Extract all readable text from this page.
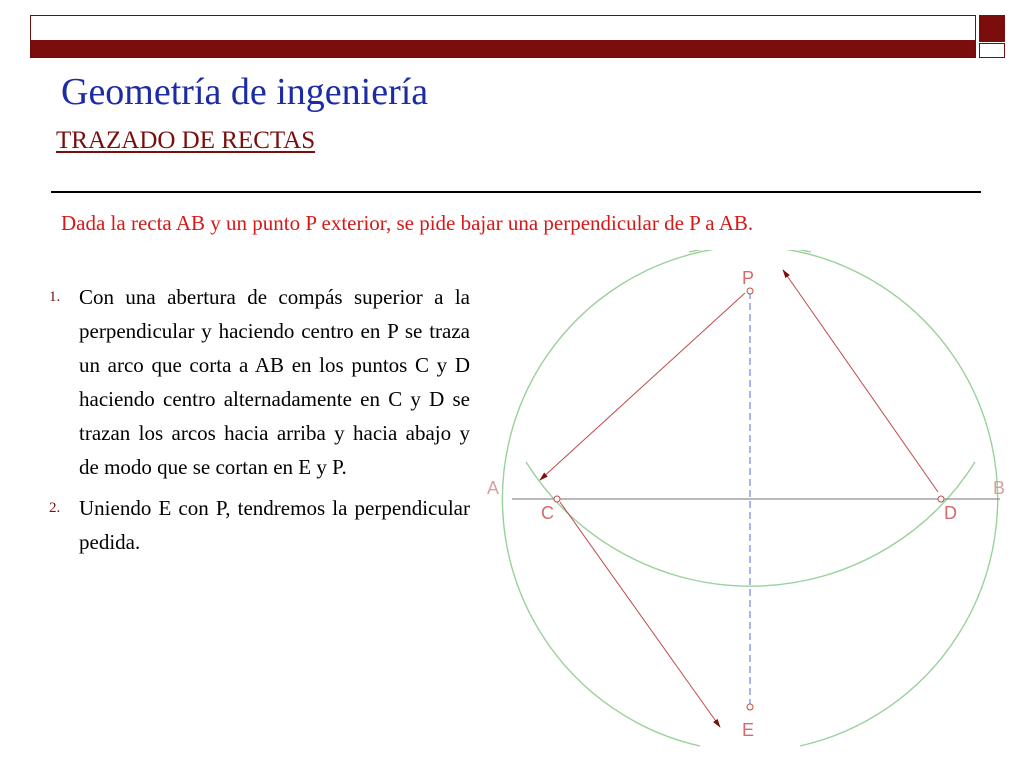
Geometría de ingeniería
TRAZADO DE RECTAS

Dada la recta AB y un punto P exterior, se pide bajar una perpendicular de P a AB.

1. Con una abertura de compás superior a la perpendicular y haciendo centro en P se traza un arco que corta a AB en los puntos C y D haciendo centro alternadamente en C y D se trazan los arcos hacia arriba y hacia abajo y de modo que se cortan en E y P.
2. Uniendo E con P, tendremos la perpendicular pedida.
P
A	B
C	D
E
